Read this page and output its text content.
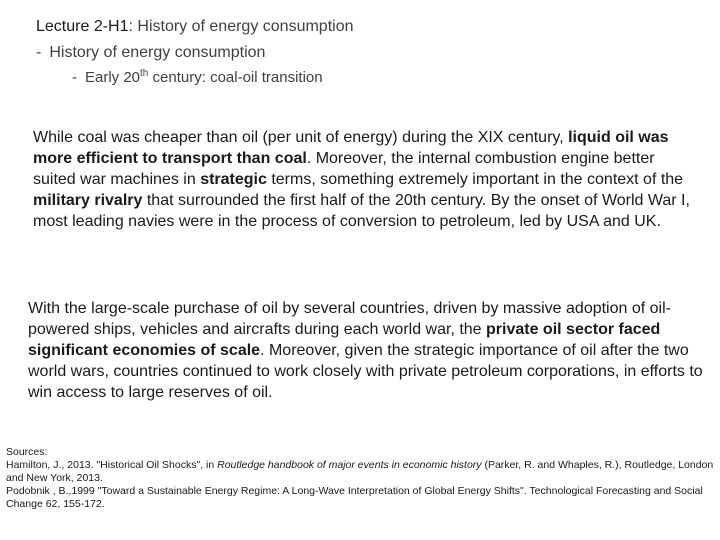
Lecture 2-H1: History of energy consumption
- History of energy consumption
- Early 20th century: coal-oil transition

While coal was cheaper than oil (per unit of energy) during the XIX century, liquid oil was more efficient to transport than coal. Moreover, the internal combustion engine better suited war machines in strategic terms, something extremely important in the context of the military rivalry that surrounded the first half of the 20th century. By the onset of World War I, most leading navies were in the process of conversion to petroleum, led by USA and UK.

With the large-scale purchase of oil by several countries, driven by massive adoption of oil-powered ships, vehicles and aircrafts during each world war, the private oil sector faced significant economies of scale. Moreover, given the strategic importance of oil after the two world wars, countries continued to work closely with private petroleum corporations, in efforts to win access to large reserves of oil.

Sources:

Hamilton, J., 2013. "Historical Oil Shocks", in Routledge handbook of major events in economic history (Parker, R. and Whaples, R.), Routledge, London and New York, 2013.

Podobnik , B.,1999 "Toward a Sustainable Energy Regime: A Long-Wave Interpretation of Global Energy Shifts". Technological Forecasting and Social Change 62, 155-172.
